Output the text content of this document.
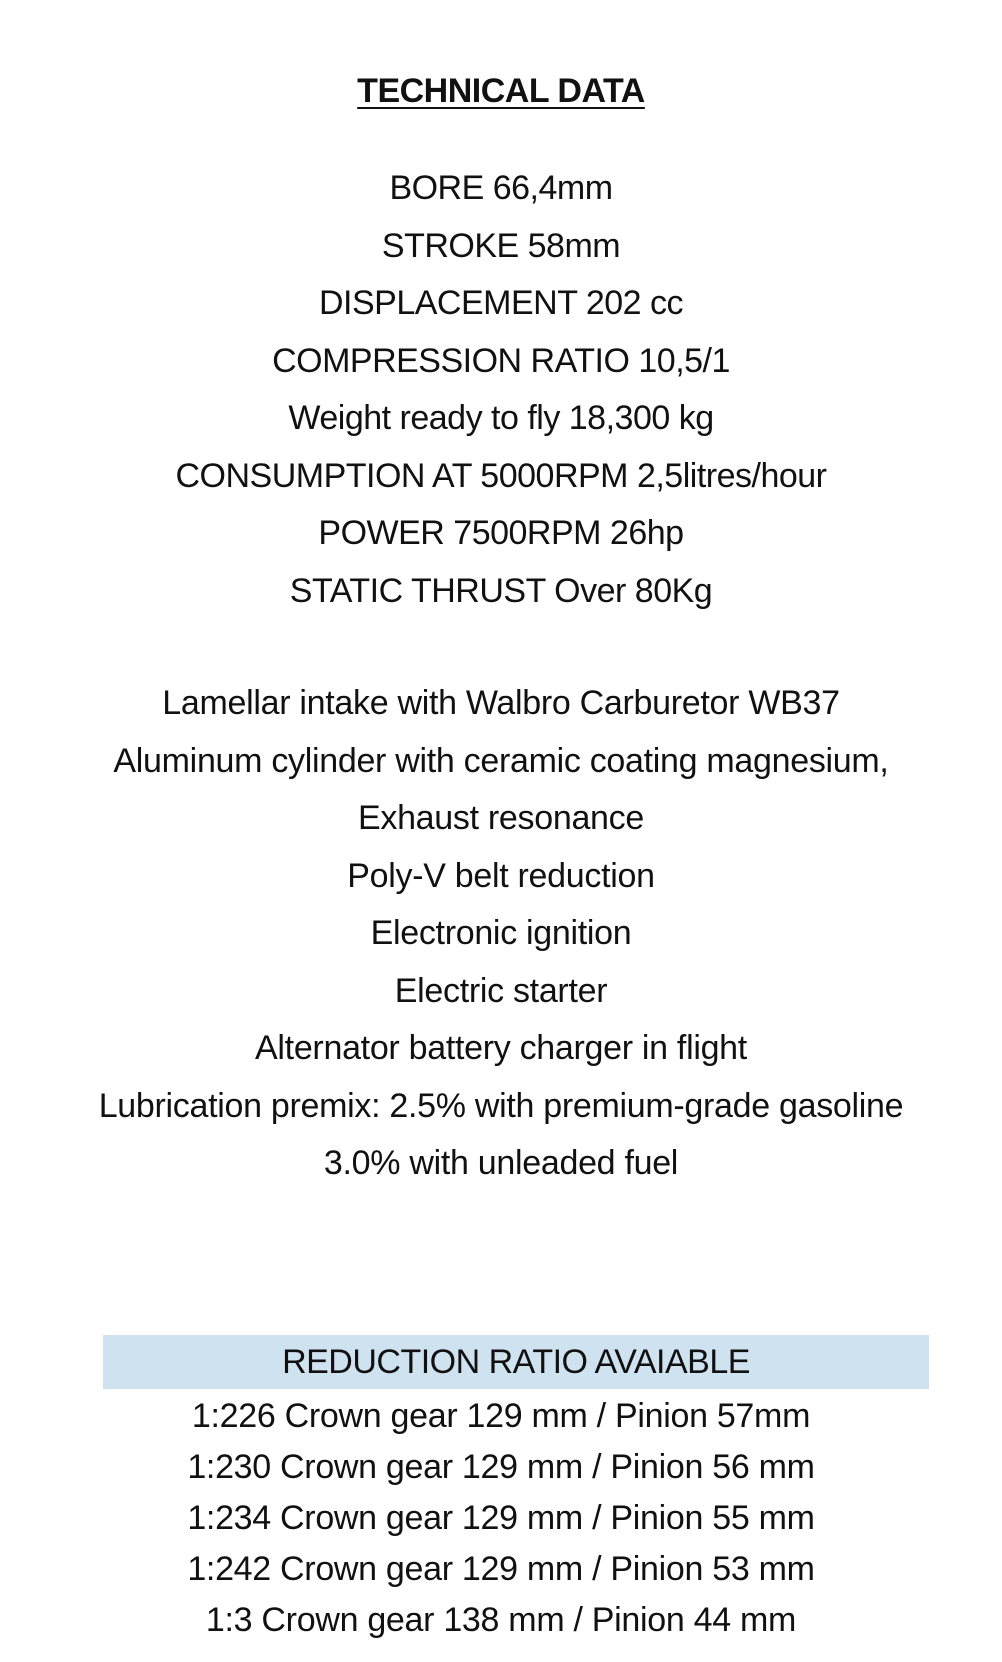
TECHNICAL DATA
BORE 66,4mm
STROKE 58mm
DISPLACEMENT 202 cc
COMPRESSION RATIO 10,5/1
Weight ready to fly 18,300 kg
CONSUMPTION AT 5000RPM 2,5litres/hour
POWER 7500RPM 26hp
STATIC THRUST Over 80Kg
Lamellar intake with Walbro Carburetor WB37
Aluminum cylinder with ceramic coating magnesium,
Exhaust resonance
Poly-V belt reduction
Electronic ignition
Electric starter
Alternator battery charger in flight
Lubrication premix: 2.5% with premium-grade gasoline
3.0% with unleaded fuel
REDUCTION RATIO AVAIABLE
1:226 Crown gear 129 mm / Pinion 57mm
1:230 Crown gear 129 mm / Pinion 56 mm
1:234 Crown gear 129 mm / Pinion 55 mm
1:242 Crown gear 129 mm / Pinion 53 mm
1:3 Crown gear 138 mm / Pinion 44 mm
